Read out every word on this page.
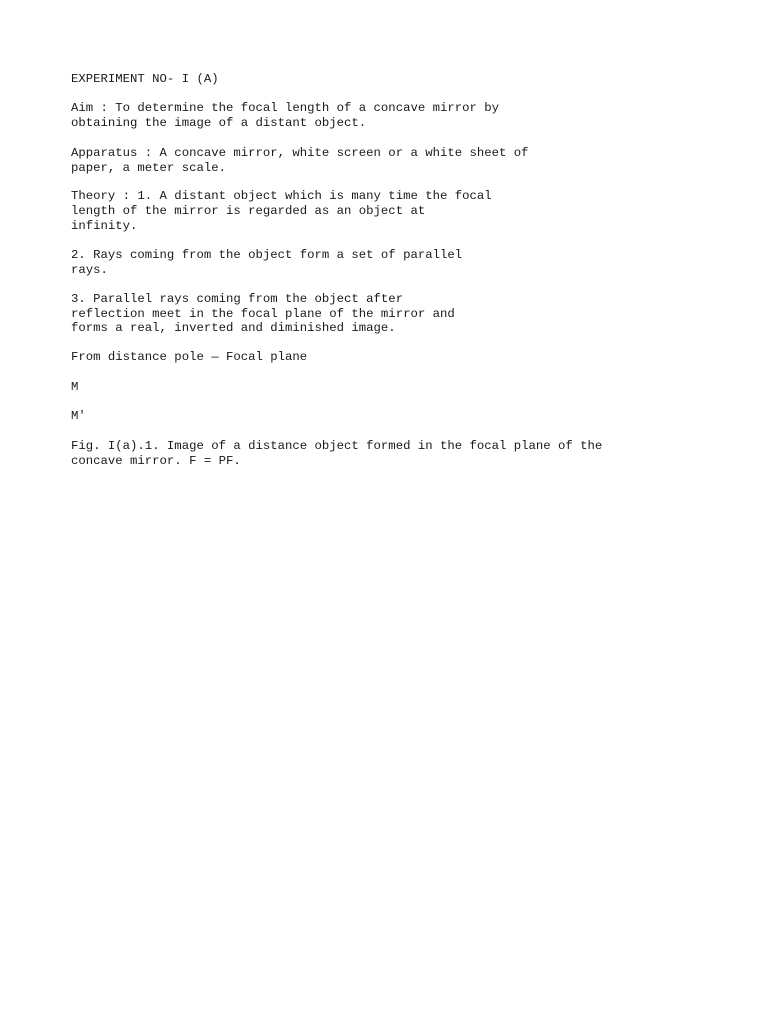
EXPERIMENT NO- I (A)

Aim : To determine the focal length of a concave mirror by

obtaining the image of a distant object.

Apparatus : A concave mirror, white screen or a white sheet of

paper, a meter scale.

Theory : 1. A distant object which is many time the focal

length of the mirror is regarded as an object at

infinity.

2. Rays coming from the object form a set of parallel

rays.

3. Parallel rays coming from the object after

reflection meet in the focal plane of the mirror and

forms a real, inverted and diminished image.

From distance pole — Focal plane

M

M'

Fig. I(a).1. Image of a distance object formed in the focal plane of the

concave mirror. F = PF.
